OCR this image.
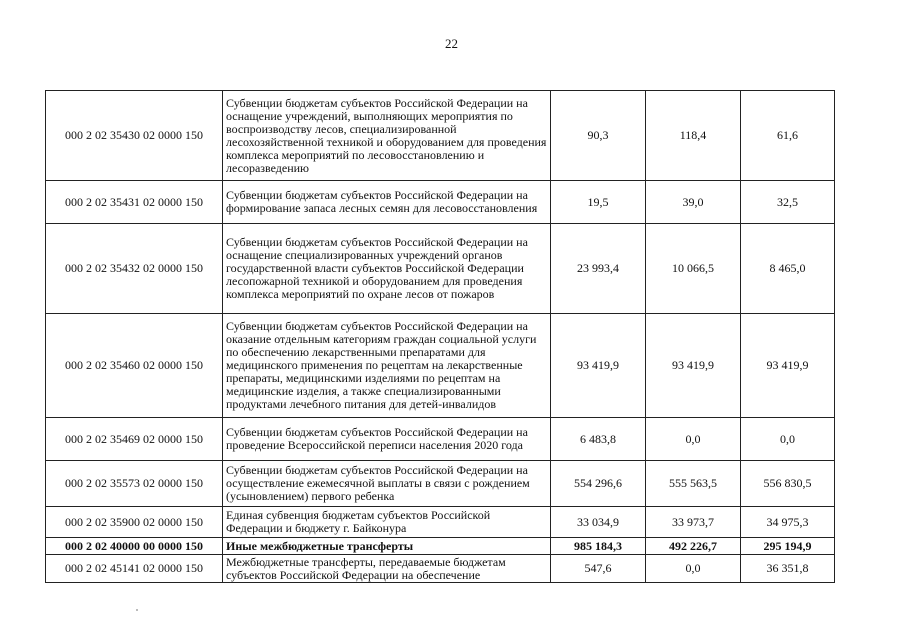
22
000 2 02 35430 02 0000 150	Субвенции бюджетам субъектов Российской Федерации на оснащение учреждений, выполняющих мероприятия по воспроизводству лесов, специализированной лесохозяйственной техникой и оборудованием для проведения комплекса мероприятий по лесовосстановлению и лесоразведению	90,3	118,4	61,6
000 2 02 35431 02 0000 150	Субвенции бюджетам субъектов Российской Федерации на формирование запаса лесных семян для лесовосстановления	19,5	39,0	32,5
000 2 02 35432 02 0000 150	Субвенции бюджетам субъектов Российской Федерации на оснащение специализированных учреждений органов государственной власти субъектов Российской Федерации лесопожарной техникой и оборудованием для проведения комплекса мероприятий по охране лесов от пожаров	23 993,4	10 066,5	8 465,0
000 2 02 35460 02 0000 150	Субвенции бюджетам субъектов Российской Федерации на оказание отдельным категориям граждан социальной услуги по обеспечению лекарственными препаратами для медицинского применения по рецептам на лекарственные препараты, медицинскими изделиями по рецептам на медицинские изделия, а также специализированными продуктами лечебного питания для детей-инвалидов	93 419,9	93 419,9	93 419,9
000 2 02 35469 02 0000 150	Субвенции бюджетам субъектов Российской Федерации на проведение Всероссийской переписи населения 2020 года	6 483,8	0,0	0,0
000 2 02 35573 02 0000 150	Субвенции бюджетам субъектов Российской Федерации на осуществление ежемесячной выплаты в связи с рождением (усыновлением) первого ребенка	554 296,6	555 563,5	556 830,5
000 2 02 35900 02 0000 150	Единая субвенция бюджетам субъектов Российской Федерации и бюджету г. Байконура	33 034,9	33 973,7	34 975,3
000 2 02 40000 00 0000 150	Иные межбюджетные трансферты	985 184,3	492 226,7	295 194,9
000 2 02 45141 02 0000 150	Межбюджетные трансферты, передаваемые бюджетам субъектов Российской Федерации на обеспечение	547,6	0,0	36 351,8
